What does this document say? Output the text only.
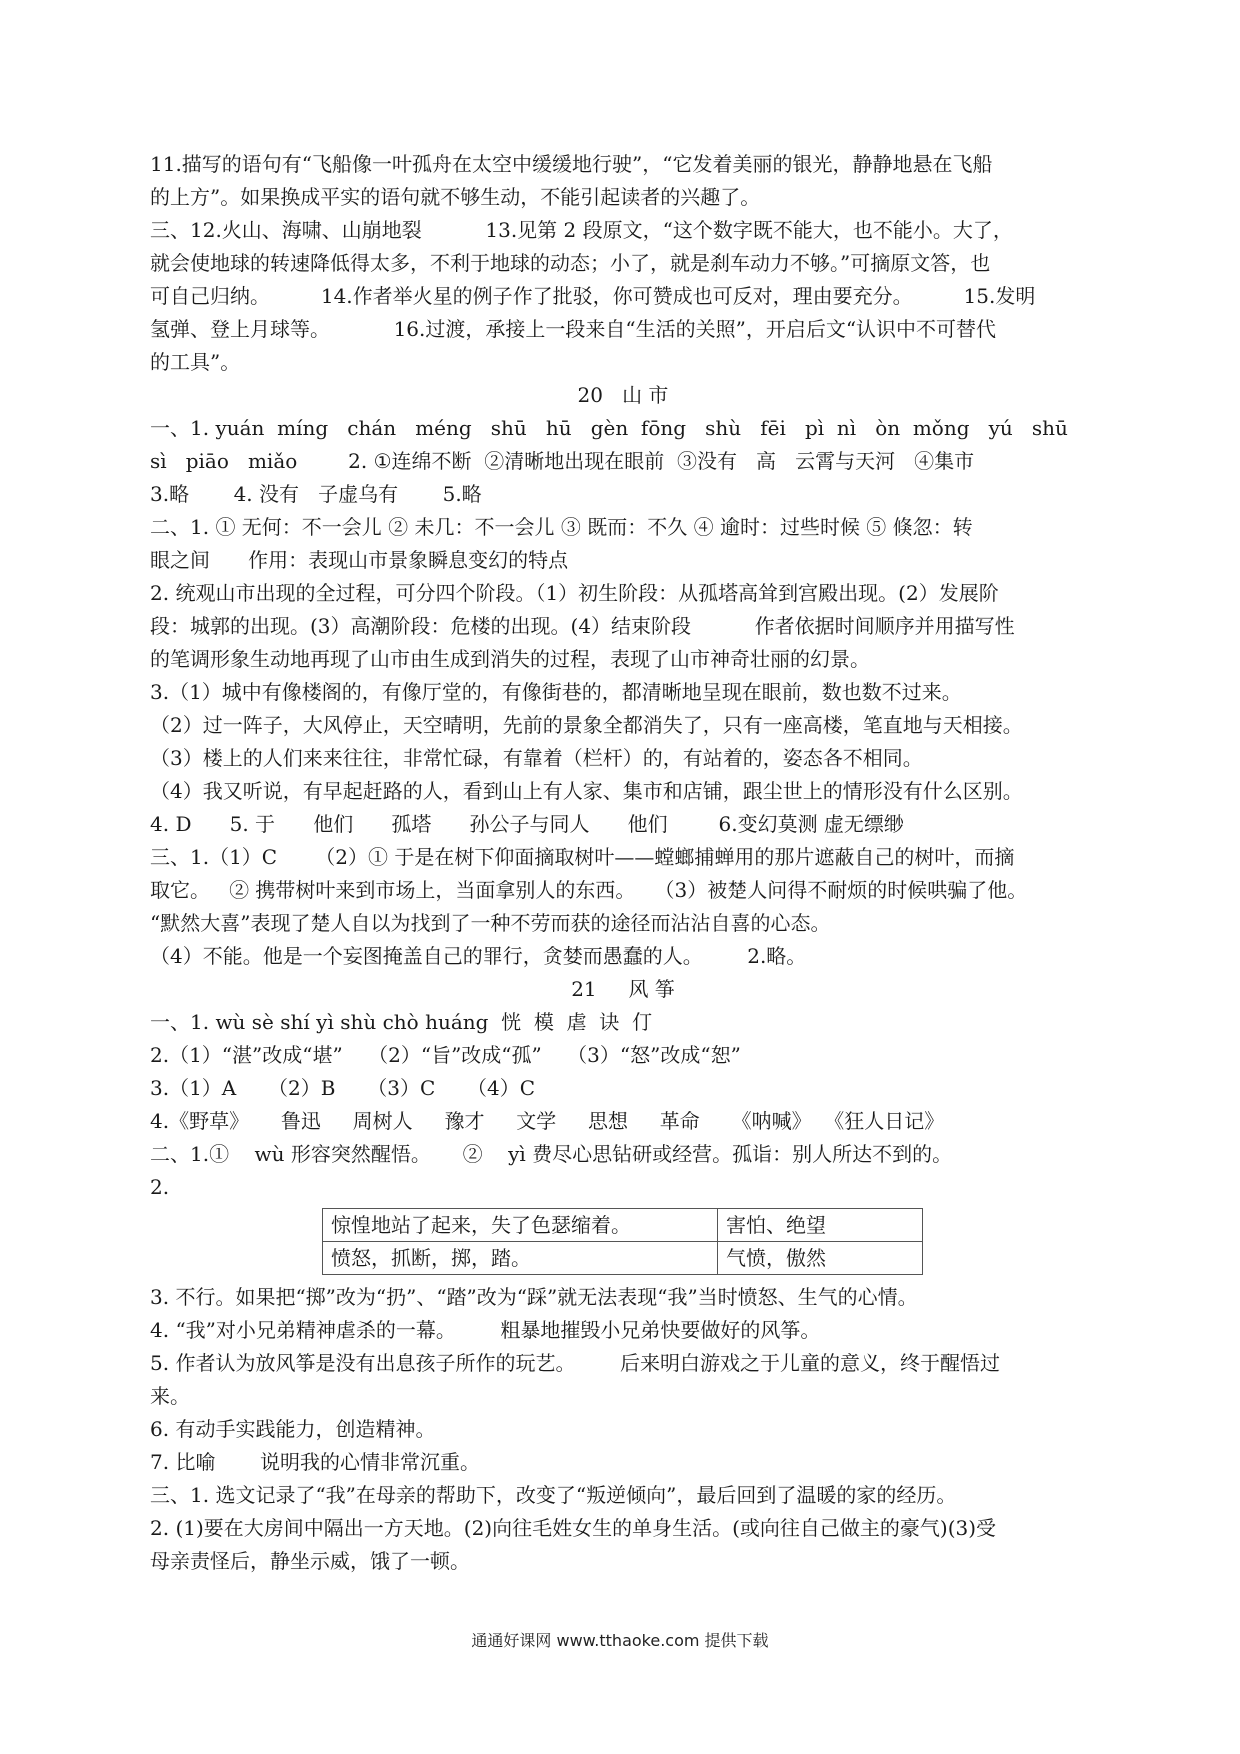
11.描写的语句有“飞船像一叶孤舟在太空中缓缓地行驶”，“它发着美丽的银光，静静地悬在飞船
的上方”。如果换成平实的语句就不够生动，不能引起读者的兴趣了。
三、12.火山、海啸、山崩地裂          13.见第 2 段原文，“这个数字既不能大，也不能小。大了，
就会使地球的转速降低得太多，不利于地球的动态；小了，就是刹车动力不够。”可摘原文答，也
可自己归纳。        14.作者举火星的例子作了批驳，你可赞成也可反对，理由要充分。        15.发明
氢弹、登上月球等。          16.过渡，承接上一段来自“生活的关照”，开启后文“认识中不可替代
的工具”。
20   山 市
一、1. yuán  míng   chán   méng   shū   hū   gèn  fōng   shù   fēi   pì  nì   òn  mǒng   yú   shū
sì   piāo   miǎo        2. ①连绵不断  ②清晰地出现在眼前  ③没有   高   云霄与天河   ④集市
3.略       4. 没有   子虚乌有       5.略
二、1. ① 无何：不一会儿 ② 未几：不一会儿 ③ 既而：不久 ④ 逾时：过些时候 ⑤ 倏忽：转
眼之间      作用：表现山市景象瞬息变幻的特点
2. 统观山市出现的全过程，可分四个阶段。（1）初生阶段：从孤塔高耸到宫殿出现。(2）发展阶
段：城郭的出现。(3）高潮阶段：危楼的出现。(4）结束阶段          作者依据时间顺序并用描写性
的笔调形象生动地再现了山市由生成到消失的过程，表现了山市神奇壮丽的幻景。
3.（1）城中有像楼阁的，有像厅堂的，有像街巷的，都清晰地呈现在眼前，数也数不过来。
（2）过一阵子，大风停止，天空晴明，先前的景象全都消失了，只有一座高楼，笔直地与天相接。
（3）楼上的人们来来往往，非常忙碌，有靠着（栏杆）的，有站着的，姿态各不相同。
（4）我又听说，有早起赶路的人，看到山上有人家、集市和店铺，跟尘世上的情形没有什么区别。
4. D      5. 于      他们      孤塔      孙公子与同人      他们        6.变幻莫测 虚无缥缈
三、1.（1）C      （2）① 于是在树下仰面摘取树叶——螳螂捕蝉用的那片遮蔽自己的树叶，而摘
取它。   ② 携带树叶来到市场上，当面拿别人的东西。   （3）被楚人问得不耐烦的时候哄骗了他。
“默然大喜”表现了楚人自以为找到了一种不劳而获的途径而沾沾自喜的心态。
（4）不能。他是一个妄图掩盖自己的罪行，贪婪而愚蠢的人。       2.略。
21     风 筝
一、1. wù sè shí yì shù chò huáng  恍  模  虐  诀  仃
2.（1）“湛”改成“堪”    （2）“旨”改成“孤”    （3）“怒”改成“恕”
3.（1）A     （2）B     （3）C     （4）C
4.《野草》     鲁迅     周树人     豫才     文学     思想     革命     《呐喊》  《狂人日记》
二、1.①    wù 形容突然醒悟。     ②    yì 费尽心思钻研或经营。孤诣：别人所达不到的。
2.
惊惶地站了起来，失了色瑟缩着。	害怕、绝望
愤怒，抓断，掷，踏。	气愤，傲然
3. 不行。如果把“掷”改为“扔”、“踏”改为“踩”就无法表现“我”当时愤怒、生气的心情。
4. “我”对小兄弟精神虐杀的一幕。       粗暴地摧毁小兄弟快要做好的风筝。
5. 作者认为放风筝是没有出息孩子所作的玩艺。       后来明白游戏之于儿童的意义，终于醒悟过
来。
6. 有动手实践能力，创造精神。
7. 比喻       说明我的心情非常沉重。
三、1. 选文记录了“我”在母亲的帮助下，改变了“叛逆倾向”，最后回到了温暖的家的经历。
2. (1)要在大房间中隔出一方天地。(2)向往毛姓女生的单身生活。(或向往自己做主的豪气)(3)受
母亲责怪后，静坐示威，饿了一顿。
通通好课网 www.tthaoke.com 提供下载
